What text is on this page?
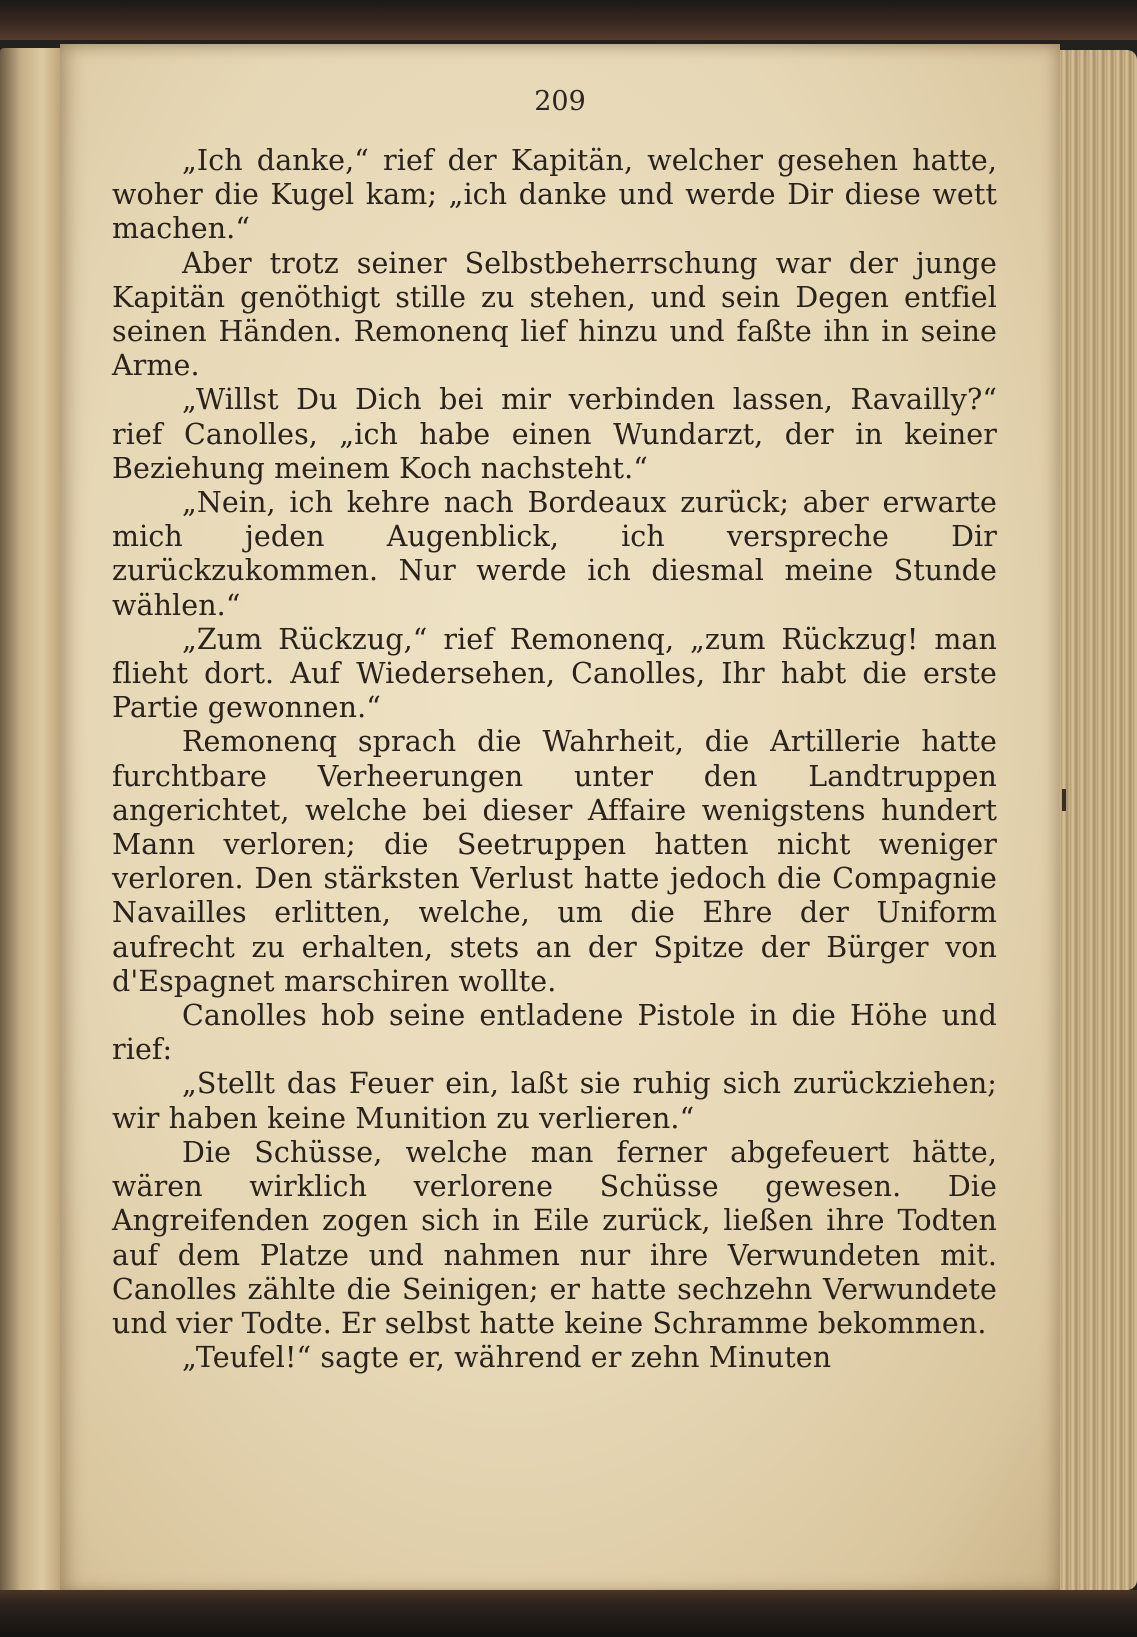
209

„Ich danke,“ rief der Kapitän, welcher gesehen hatte, woher die Kugel kam; „ich danke und werde Dir diese wett machen.“

Aber trotz seiner Selbstbeherrschung war der junge Kapitän genöthigt stille zu stehen, und sein Degen entfiel seinen Händen. Remonenq lief hinzu und faßte ihn in seine Arme.

„Willst Du Dich bei mir verbinden lassen, Ravailly?“ rief Canolles, „ich habe einen Wundarzt, der in keiner Beziehung meinem Koch nachsteht.“

„Nein, ich kehre nach Bordeaux zurück; aber erwarte mich jeden Augenblick, ich verspreche Dir zurückzukommen. Nur werde ich diesmal meine Stunde wählen.“

„Zum Rückzug,“ rief Remonenq, „zum Rückzug! man flieht dort. Auf Wiedersehen, Canolles, Ihr habt die erste Partie gewonnen.“

Remonenq sprach die Wahrheit, die Artillerie hatte furchtbare Verheerungen unter den Landtruppen angerichtet, welche bei dieser Affaire wenigstens hundert Mann verloren; die Seetruppen hatten nicht weniger verloren. Den stärksten Verlust hatte jedoch die Compagnie Navailles erlitten, welche, um die Ehre der Uniform aufrecht zu erhalten, stets an der Spitze der Bürger von d'Espagnet marschiren wollte.

Canolles hob seine entladene Pistole in die Höhe und rief:

„Stellt das Feuer ein, laßt sie ruhig sich zurückziehen; wir haben keine Munition zu verlieren.“

Die Schüsse, welche man ferner abgefeuert hätte, wären wirklich verlorene Schüsse gewesen. Die Angreifenden zogen sich in Eile zurück, ließen ihre Todten auf dem Platze und nahmen nur ihre Verwundeten mit. Canolles zählte die Seinigen; er hatte sechzehn Verwundete und vier Todte. Er selbst hatte keine Schramme bekommen.

„Teufel!“ sagte er, während er zehn Minuten
